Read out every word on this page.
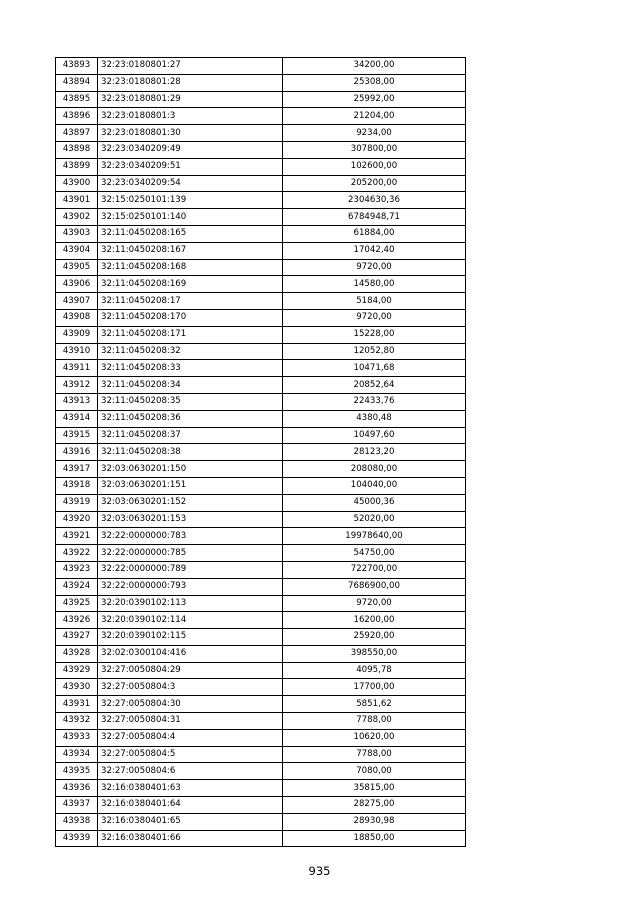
43893	32:23:0180801:27	34200,00
43894	32:23:0180801:28	25308,00
43895	32:23:0180801:29	25992,00
43896	32:23:0180801:3	21204,00
43897	32:23:0180801:30	9234,00
43898	32:23:0340209:49	307800,00
43899	32:23:0340209:51	102600,00
43900	32:23:0340209:54	205200,00
43901	32:15:0250101:139	2304630,36
43902	32:15:0250101:140	6784948,71
43903	32:11:0450208:165	61884,00
43904	32:11:0450208:167	17042,40
43905	32:11:0450208:168	9720,00
43906	32:11:0450208:169	14580,00
43907	32:11:0450208:17	5184,00
43908	32:11:0450208:170	9720,00
43909	32:11:0450208:171	15228,00
43910	32:11:0450208:32	12052,80
43911	32:11:0450208:33	10471,68
43912	32:11:0450208:34	20852,64
43913	32:11:0450208:35	22433,76
43914	32:11:0450208:36	4380,48
43915	32:11:0450208:37	10497,60
43916	32:11:0450208:38	28123,20
43917	32:03:0630201:150	208080,00
43918	32:03:0630201:151	104040,00
43919	32:03:0630201:152	45000,36
43920	32:03:0630201:153	52020,00
43921	32:22:0000000:783	19978640,00
43922	32:22:0000000:785	54750,00
43923	32:22:0000000:789	722700,00
43924	32:22:0000000:793	7686900,00
43925	32:20:0390102:113	9720,00
43926	32:20:0390102:114	16200,00
43927	32:20:0390102:115	25920,00
43928	32:02:0300104:416	398550,00
43929	32:27:0050804:29	4095,78
43930	32:27:0050804:3	17700,00
43931	32:27:0050804:30	5851,62
43932	32:27:0050804:31	7788,00
43933	32:27:0050804:4	10620,00
43934	32:27:0050804:5	7788,00
43935	32:27:0050804:6	7080,00
43936	32:16:0380401:63	35815,00
43937	32:16:0380401:64	28275,00
43938	32:16:0380401:65	28930,98
43939	32:16:0380401:66	18850,00
935
